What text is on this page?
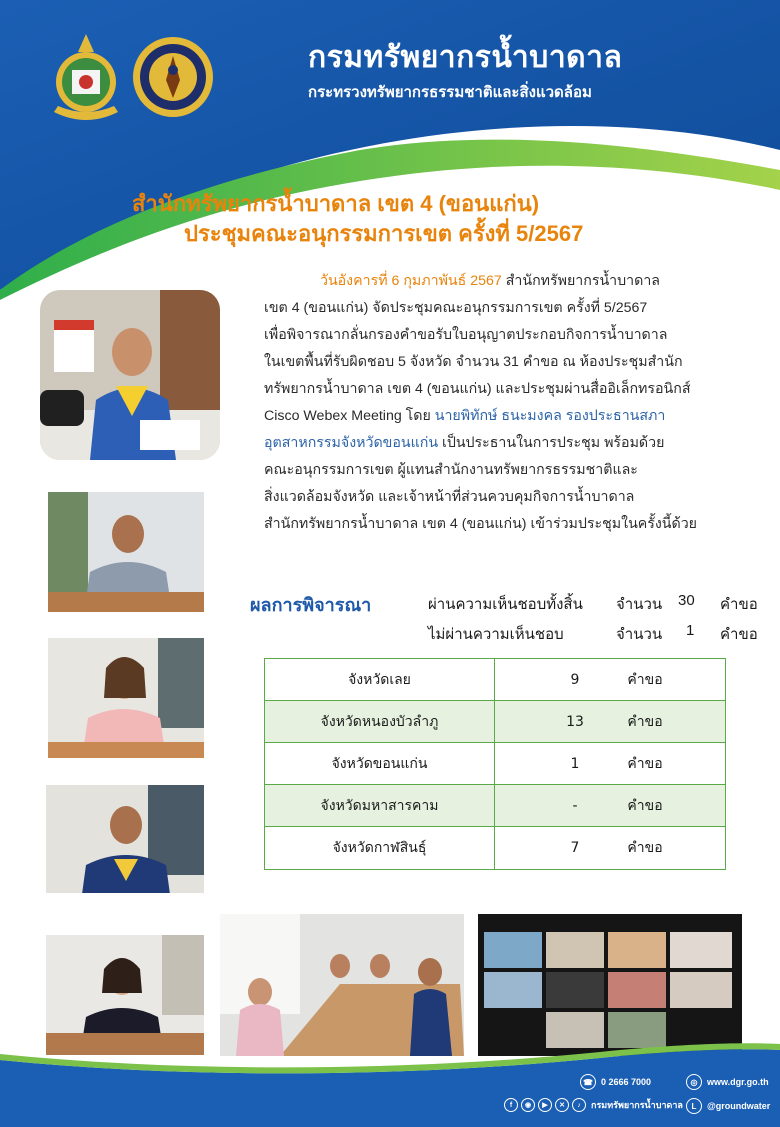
กรมทรัพยากรน้ำบาดาล
กระทรวงทรัพยากรธรรมชาติและสิ่งแวดล้อม
สำนักทรัพยากรน้ำบาดาล เขต 4 (ขอนแก่น)
ประชุมคณะอนุกรรมการเขต ครั้งที่ 5/2567
วันอังคารที่ 6 กุมภาพันธ์ 2567 สำนักทรัพยากรน้ำบาดาล
เขต 4 (ขอนแก่น) จัดประชุมคณะอนุกรรมการเขต ครั้งที่ 5/2567
เพื่อพิจารณากลั่นกรองคำขอรับใบอนุญาตประกอบกิจการน้ำบาดาล
ในเขตพื้นที่รับผิดชอบ 5 จังหวัด จำนวน 31 คำขอ ณ ห้องประชุมสำนัก
ทรัพยากรน้ำบาดาล เขต 4 (ขอนแก่น) และประชุมผ่านสื่ออิเล็กทรอนิกส์
Cisco Webex Meeting โดย นายพิทักษ์ ธนะมงคล รองประธานสภา
อุตสาหกรรมจังหวัดขอนแก่น เป็นประธานในการประชุม พร้อมด้วย
คณะอนุกรรมการเขต ผู้แทนสำนักงานทรัพยากรธรรมชาติและ
สิ่งแวดล้อมจังหวัด และเจ้าหน้าที่ส่วนควบคุมกิจการน้ำบาดาล
สำนักทรัพยากรน้ำบาดาล เขต 4 (ขอนแก่น) เข้าร่วมประชุมในครั้งนี้ด้วย
ผลการพิจารณา	ผ่านความเห็นชอบทั้งสิ้น จำนวน 30 คำขอ
ไม่ผ่านความเห็นชอบ	จำนวน 1 คำขอ
จังหวัดเลย	9	คำขอ
จังหวัดหนองบัวลำภู	13	คำขอ
จังหวัดขอนแก่น	1	คำขอ
จังหวัดมหาสารคาม	-	คำขอ
จังหวัดกาฬสินธุ์	7	คำขอ
☎ 0 2666 7000	◎	www.dgr.go.th
f	◉	▶	✕	♪	กรมทรัพยากรน้ำบาดาล	L	@groundwater
